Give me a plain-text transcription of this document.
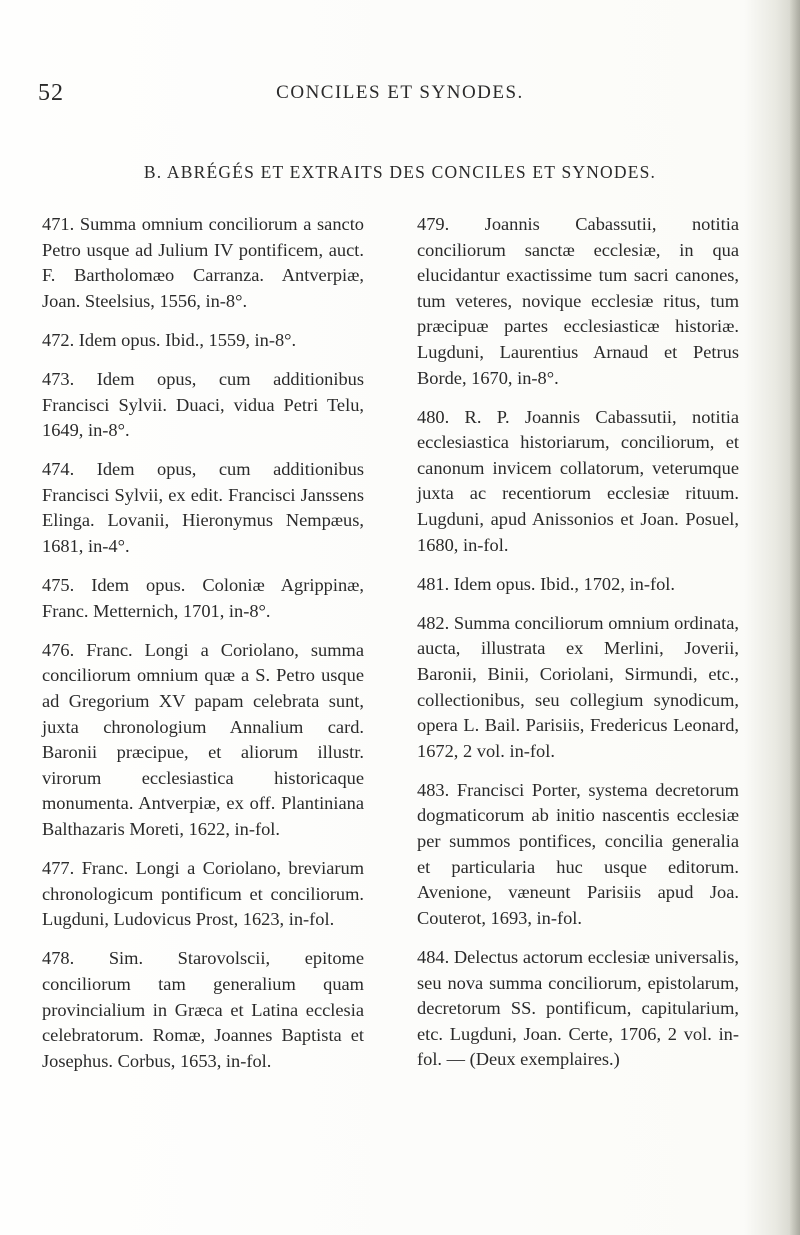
52	CONCILES ET SYNODES.
B. ABRÉGÉS ET EXTRAITS DES CONCILES ET SYNODES.

471. Summa omnium conciliorum a sancto Petro usque ad Julium IV pontificem, auct. F. Bartholomæo Carranza. Antverpiæ, Joan. Steelsius, 1556, in-8°.

472. Idem opus. Ibid., 1559, in-8°.

473. Idem opus, cum additionibus Francisci Sylvii. Duaci, vidua Petri Telu, 1649, in-8°.

474. Idem opus, cum additionibus Francisci Sylvii, ex edit. Francisci Janssens Elinga. Lovanii, Hieronymus Nempæus, 1681, in-4°.

475. Idem opus. Coloniæ Agrippinæ, Franc. Metternich, 1701, in-8°.

476. Franc. Longi a Coriolano, summa conciliorum omnium quæ a S. Petro usque ad Gregorium XV papam celebrata sunt, juxta chronologium Annalium card. Baronii præcipue, et aliorum illustr. virorum ecclesiastica historicaque monumenta. Antverpiæ, ex off. Plantiniana Balthazaris Moreti, 1622, in-fol.

477. Franc. Longi a Coriolano, breviarum chronologicum pontificum et conciliorum. Lugduni, Ludovicus Prost, 1623, in-fol.

478. Sim. Starovolscii, epitome conciliorum tam generalium quam provincialium in Græca et Latina ecclesia celebratorum. Romæ, Joannes Baptista et Josephus. Corbus, 1653, in-fol.

479. Joannis Cabassutii, notitia conciliorum sanctæ ecclesiæ, in qua elucidantur exactissime tum sacri canones, tum veteres, novique ecclesiæ ritus, tum præcipuæ partes ecclesiasticæ historiæ. Lugduni, Laurentius Arnaud et Petrus Borde, 1670, in-8°.

480. R. P. Joannis Cabassutii, notitia ecclesiastica historiarum, conciliorum, et canonum invicem collatorum, veterumque juxta ac recentiorum ecclesiæ rituum. Lugduni, apud Anissonios et Joan. Posuel, 1680, in-fol.

481. Idem opus. Ibid., 1702, in-fol.

482. Summa conciliorum omnium ordinata, aucta, illustrata ex Merlini, Joverii, Baronii, Binii, Coriolani, Sirmundi, etc., collectionibus, seu collegium synodicum, opera L. Bail. Parisiis, Fredericus Leonard, 1672, 2 vol. in-fol.

483. Francisci Porter, systema decretorum dogmaticorum ab initio nascentis ecclesiæ per summos pontifices, concilia generalia et particularia huc usque editorum. Avenione, væneunt Parisiis apud Joa. Couterot, 1693, in-fol.

484. Delectus actorum ecclesiæ universalis, seu nova summa conciliorum, epistolarum, decretorum SS. pontificum, capitularium, etc. Lugduni, Joan. Certe, 1706, 2 vol. in-fol. — (Deux exemplaires.)
